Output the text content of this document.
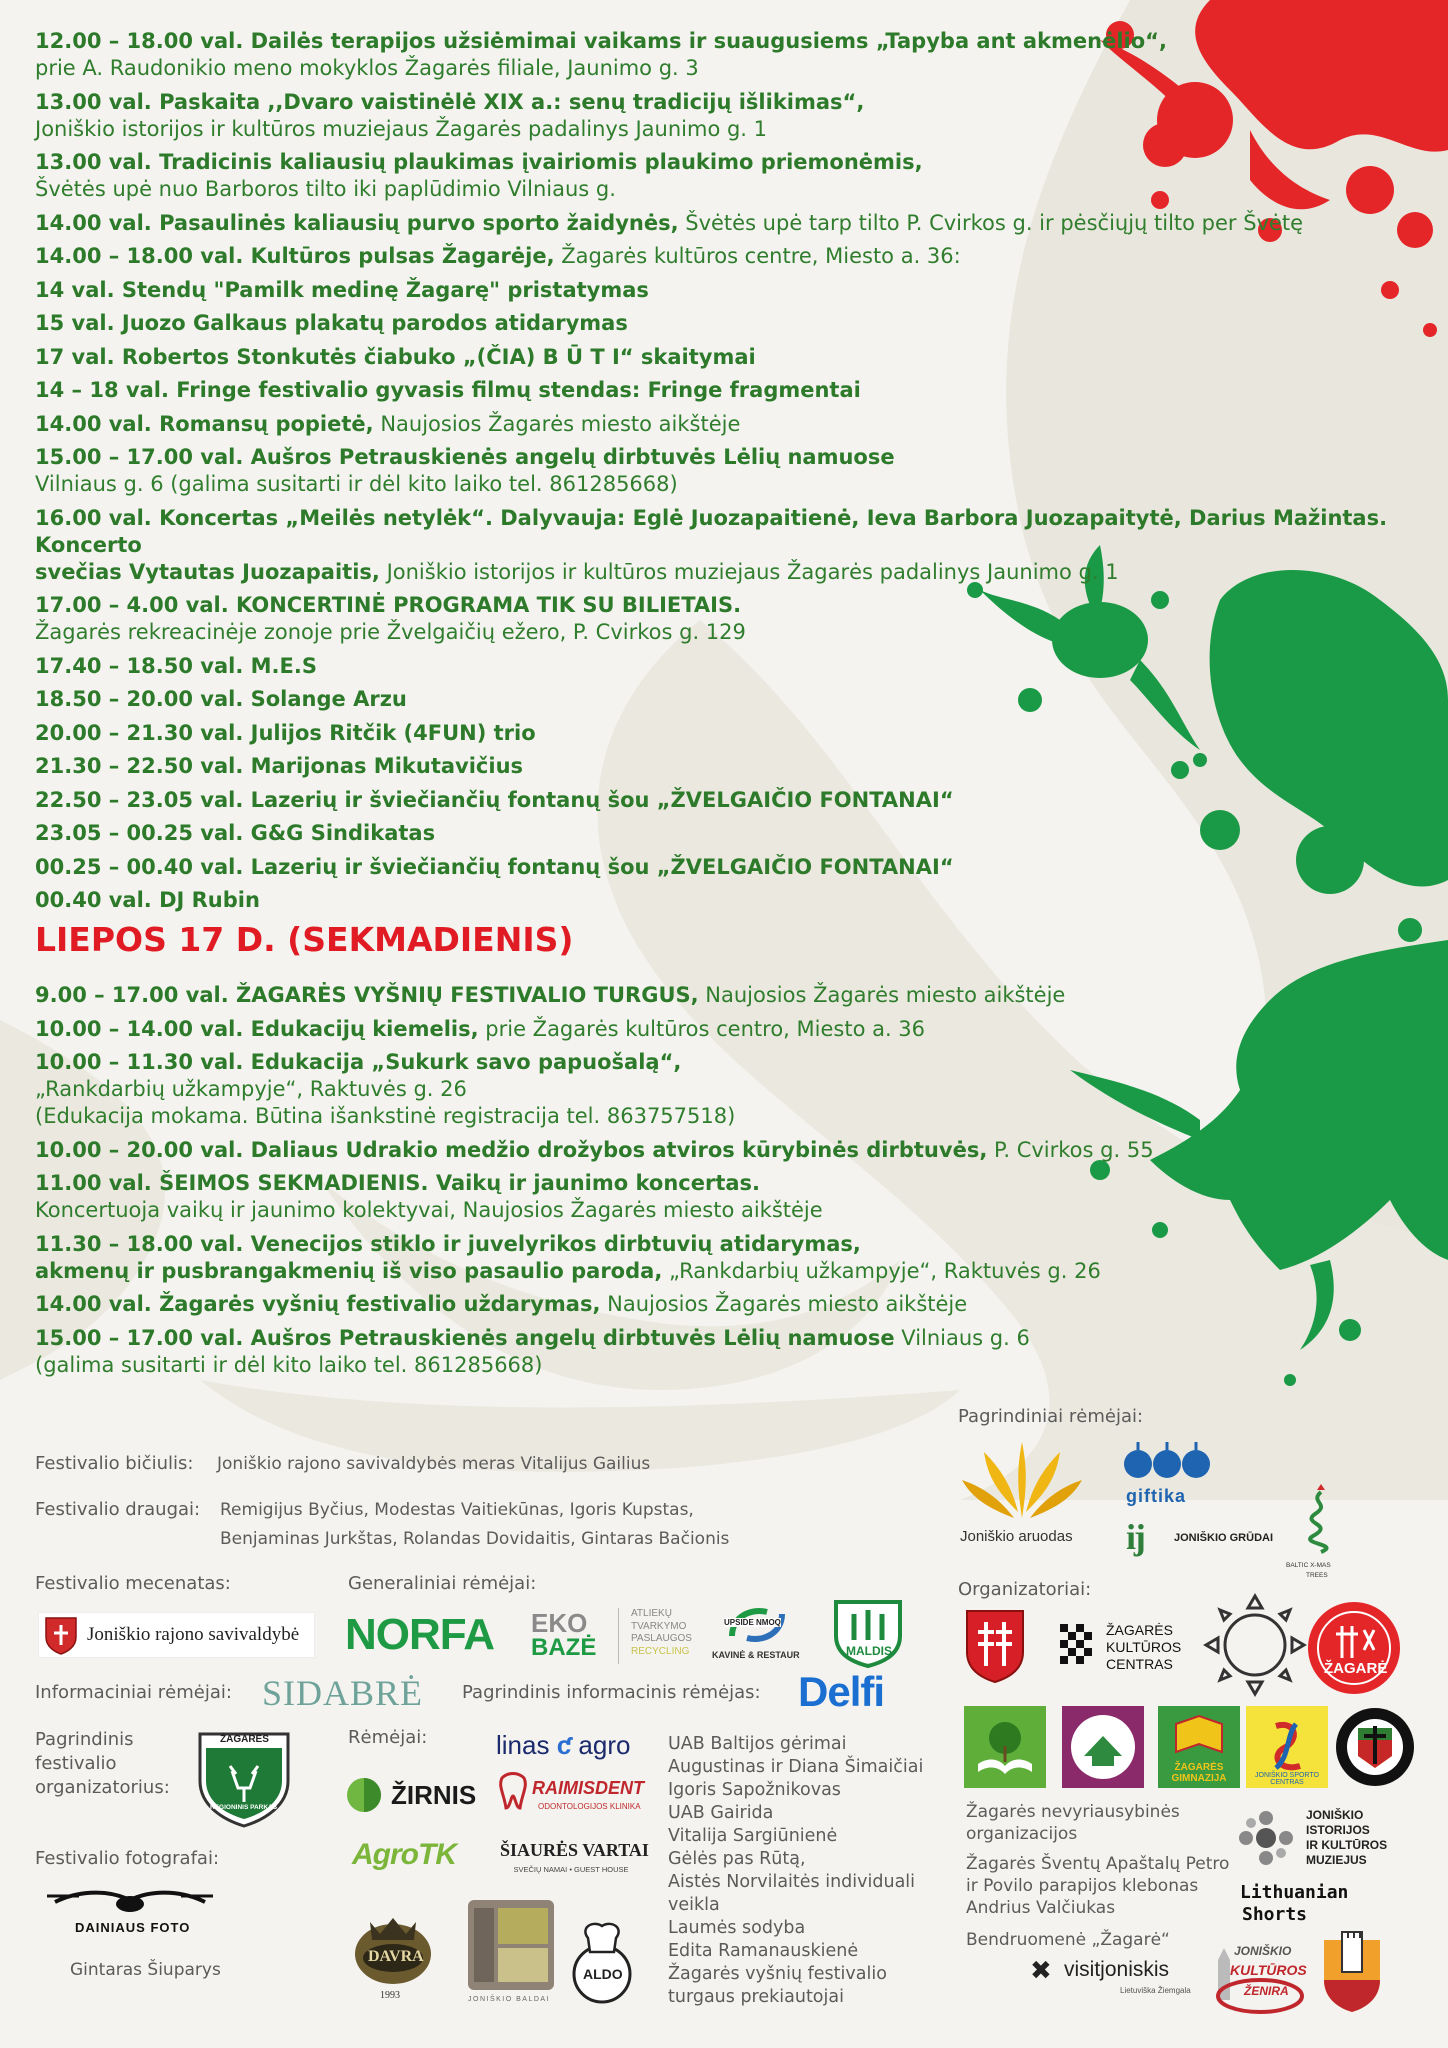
12.00 – 18.00 val. Dailės terapijos užsiėmimai vaikams ir suaugusiems „Tapyba ant akmenėlio“,
prie A. Raudonikio meno mokyklos Žagarės filiale, Jaunimo g. 3
13.00 val. Paskaita ,,Dvaro vaistinėlė XIX a.: senų tradicijų išlikimas“,
Joniškio istorijos ir kultūros muziejaus Žagarės padalinys Jaunimo g. 1
13.00 val. Tradicinis kaliausių plaukimas įvairiomis plaukimo priemonėmis,
Švėtės upė nuo Barboros tilto iki paplūdimio Vilniaus g.
14.00 val. Pasaulinės kaliausių purvo sporto žaidynės, Švėtės upė tarp tilto P. Cvirkos g. ir pėsčiųjų tilto per Švėtę
14.00 – 18.00 val. Kultūros pulsas Žagarėje, Žagarės kultūros centre, Miesto a. 36:
14 val. Stendų "Pamilk medinę Žagarę" pristatymas
15 val. Juozo Galkaus plakatų parodos atidarymas
17 val. Robertos Stonkutės čiabuko „(ČIA) B Ū T I“ skaitymai
14 – 18 val. Fringe festivalio gyvasis filmų stendas: Fringe fragmentai
14.00 val. Romansų popietė, Naujosios Žagarės miesto aikštėje
15.00 – 17.00 val. Aušros Petrauskienės angelų dirbtuvės Lėlių namuose
Vilniaus g. 6 (galima susitarti ir dėl kito laiko tel. 861285668)
16.00 val. Koncertas „Meilės netylėk“. Dalyvauja: Eglė Juozapaitienė, Ieva Barbora Juozapaitytė, Darius Mažintas. Koncerto
svečias Vytautas Juozapaitis, Joniškio istorijos ir kultūros muziejaus Žagarės padalinys Jaunimo g. 1
17.00 – 4.00 val. KONCERTINĖ PROGRAMA TIK SU BILIETAIS.
Žagarės rekreacinėje zonoje prie Žvelgaičių ežero, P. Cvirkos g. 129
17.40 – 18.50 val. M.E.S
18.50 – 20.00 val. Solange Arzu
20.00 – 21.30 val. Julijos Ritčik (4FUN) trio
21.30 – 22.50 val. Marijonas Mikutavičius
22.50 – 23.05 val. Lazerių ir šviečiančių fontanų šou „ŽVELGAIČIO FONTANAI“
23.05 – 00.25 val. G&G Sindikatas
00.25 – 00.40 val. Lazerių ir šviečiančių fontanų šou „ŽVELGAIČIO FONTANAI“
00.40 val. DJ Rubin
LIEPOS 17 D. (SEKMADIENIS)
9.00 – 17.00 val. ŽAGARĖS VYŠNIŲ FESTIVALIO TURGUS, Naujosios Žagarės miesto aikštėje
10.00 – 14.00 val. Edukacijų kiemelis, prie Žagarės kultūros centro, Miesto a. 36
10.00 – 11.30 val. Edukacija „Sukurk savo papuošalą“,
„Rankdarbių užkampyje“, Raktuvės g. 26
(Edukacija mokama. Būtina išankstinė registracija tel. 863757518)
10.00 – 20.00 val. Daliaus Udrakio medžio drožybos atviros kūrybinės dirbtuvės, P. Cvirkos g. 55
11.00 val. ŠEIMOS SEKMADIENIS. Vaikų ir jaunimo koncertas.
Koncertuoja vaikų ir jaunimo kolektyvai, Naujosios Žagarės miesto aikštėje
11.30 – 18.00 val. Venecijos stiklo ir juvelyrikos dirbtuvių atidarymas,
akmenų ir pusbrangakmenių iš viso pasaulio paroda, „Rankdarbių užkampyje“, Raktuvės g. 26
14.00 val. Žagarės vyšnių festivalio uždarymas, Naujosios Žagarės miesto aikštėje
15.00 – 17.00 val. Aušros Petrauskienės angelų dirbtuvės Lėlių namuose Vilniaus g. 6
(galima susitarti ir dėl kito laiko tel. 861285668)
Festivalio bičiulis: Joniškio rajono savivaldybės meras Vitalijus Gailius
Festivalio draugai: Remigijus Byčius, Modestas Vaitiekūnas, Igoris Kupstas,
Benjaminas Jurkštas, Rolandas Dovidaitis, Gintaras Bačionis
Festivalio mecenatas:
Joniškio rajono savivaldybė
Generaliniai rėmėjai:
NORFA EKO
BAZĖ
ATLIEKŲ
TVARKYMO
PASLAUGOS
RECYCLING
UPSIDE NMOQ
KAVINĖ & RESTAUR	MALDIS
Informaciniai rėmėjai: SIDABRĖ Pagrindinis informacinis rėmėjas: Delfi
Pagrindinis
festivalio
organizatorius:
ŽAGARĖS
REGIONINIS PARKAS
Rėmėjai:	linas ƈ agro
ŽIRNIS	RAIMISDENT
ODONTOLOGIJOS KLINIKA
AgroTK ŠIAURĖS VARTAI
SVEČIŲ NAMAI • GUEST HOUSE
DAVRA
1993	JONIŠKIO BALDAI
ALDO
UAB Baltijos gėrimai
Augustinas ir Diana Šimaičiai
Igoris Sapožnikovas
UAB Gairida
Vitalija Sargiūnienė
Gėlės pas Rūtą,
Aistės Norvilaitės individuali
veikla
Laumės sodyba
Edita Ramanauskienė
Žagarės vyšnių festivalio
turgaus prekiautojai
Festivalio fotografai:
DAINIAUS FOTO
Gintaras Šiuparys
Pagrindiniai rėmėjai:
Joniškio aruodas
giftika
ĳ	JONIŠKIO GRŪDAI
BALTIC X-MAS
TREES
Organizatoriai:
ŽAGARĖS
KULTŪROS
CENTRAS	ŽAGARĖ
ŽAGARĖS GIMNAZIJA	JONIŠKIO SPORTO CENTRAS
Žagarės nevyriausybinės
organizacijos
Žagarės Šventų Apaštalų Petro
ir Povilo parapijos klebonas
Andrius Valčiukas
Bendruomenė „Žagarė“
JONIŠKIO
ISTORIJOS
IR KULTŪROS
MUZIEJUS
Lithuanian
Shorts
✖ visitjoniskis
Lietuviška Žiemgala
JONIŠKIO
KULTŪROS
ŽENIRA
